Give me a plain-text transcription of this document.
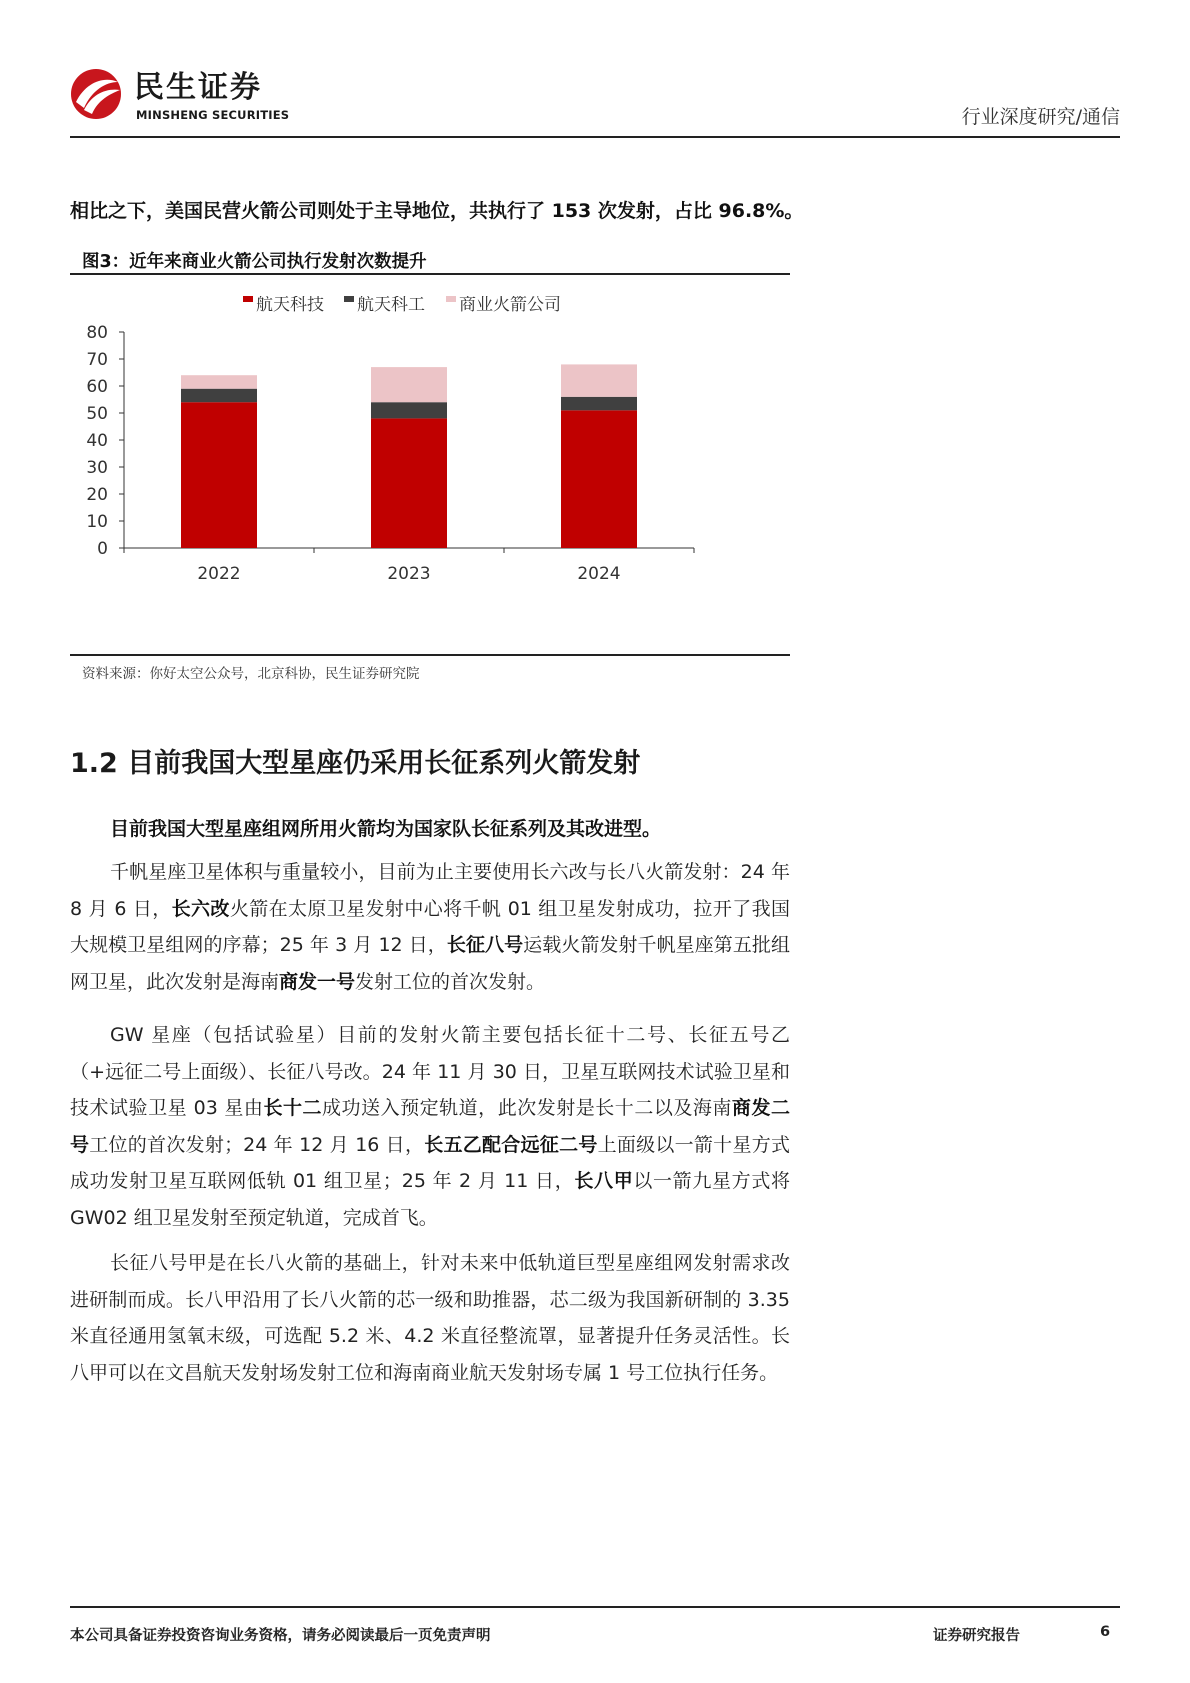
民生证券
MINSHENG SECURITIES	行业深度研究/通信
相比之下，美国民营火箭公司则处于主导地位，共执行了 153 次发射，占比 96.8%。
图3：近年来商业火箭公司执行发射次数提升
航天科技 航天科工 商业火箭公司
0
10
20
30
40
50
60
70
80
2022	2023	2024
资料来源：你好太空公众号，北京科协，民生证券研究院
1.2 目前我国大型星座仍采用长征系列火箭发射
目前我国大型星座组网所用火箭均为国家队长征系列及其改进型。

千帆星座卫星体积与重量较小，目前为止主要使用长六改与长八火箭发射：24 年 8 月 6 日，长六改火箭在太原卫星发射中心将千帆 01 组卫星发射成功，拉开了我国大规模卫星组网的序幕；25 年 3 月 12 日，长征八号运载火箭发射千帆星座第五批组网卫星，此次发射是海南商发一号发射工位的首次发射。

GW 星座（包括试验星）目前的发射火箭主要包括长征十二号、长征五号乙（+远征二号上面级）、长征八号改。24 年 11 月 30 日，卫星互联网技术试验卫星和技术试验卫星 03 星由长十二成功送入预定轨道，此次发射是长十二以及海南商发二号工位的首次发射；24 年 12 月 16 日，长五乙配合远征二号上面级以一箭十星方式成功发射卫星互联网低轨 01 组卫星；25 年 2 月 11 日，长八甲以一箭九星方式将 GW02 组卫星发射至预定轨道，完成首飞。

长征八号甲是在长八火箭的基础上，针对未来中低轨道巨型星座组网发射需求改进研制而成。长八甲沿用了长八火箭的芯一级和助推器，芯二级为我国新研制的 3.35 米直径通用氢氧末级，可选配 5.2 米、4.2 米直径整流罩，显著提升任务灵活性。长八甲可以在文昌航天发射场发射工位和海南商业航天发射场专属 1 号工位执行任务。

本公司具备证券投资咨询业务资格，请务必阅读最后一页免责声明	证券研究报告	6
